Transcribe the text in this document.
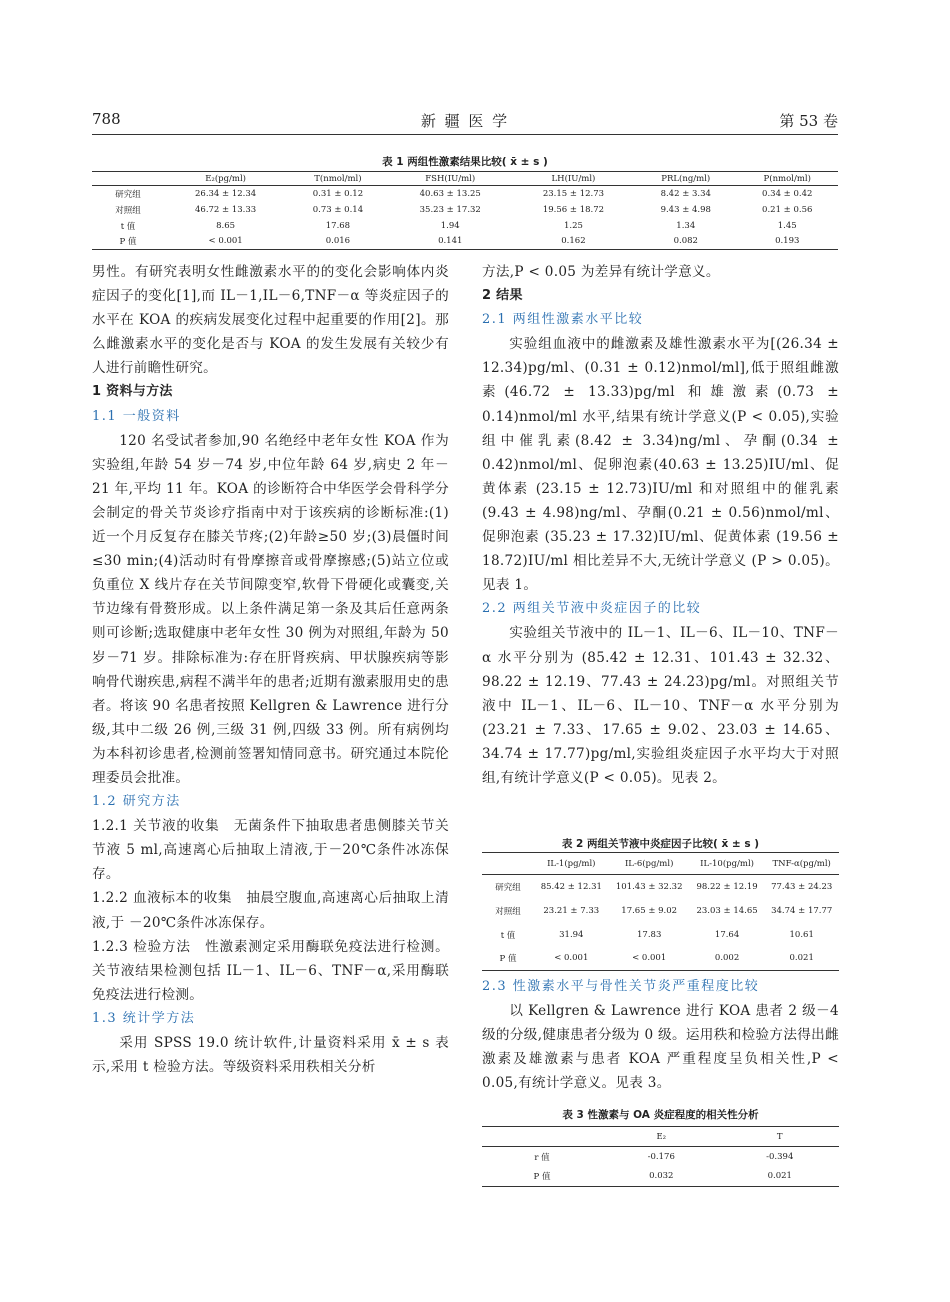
788	新 疆 医 学	第 53 卷
表 1 两组性激素结果比较( x̄ ± s )
	E₂(pg/ml)	T(nmol/ml)	FSH(IU/ml)	LH(IU/ml)	PRL(ng/ml)	P(nmol/ml)
研究组	26.34 ± 12.34	0.31 ± 0.12	40.63 ± 13.25	23.15 ± 12.73	8.42 ± 3.34	0.34 ± 0.42
对照组	46.72 ± 13.33	0.73 ± 0.14	35.23 ± 17.32	19.56 ± 18.72	9.43 ± 4.98	0.21 ± 0.56
t 值	8.65	17.68	1.94	1.25	1.34	1.45
P 值	< 0.001	0.016	0.141	0.162	0.082	0.193

男性。有研究表明女性雌激素水平的的变化会影响体内炎症因子的变化[1],而 IL－1,IL－6,TNF－α 等炎症因子的水平在 KOA 的疾病发展变化过程中起重要的作用[2]。那么雌激素水平的变化是否与 KOA 的发生发展有关较少有人进行前瞻性研究。

1 资料与方法

1.1 一般资料

120 名受试者参加,90 名绝经中老年女性 KOA 作为实验组,年龄 54 岁－74 岁,中位年龄 64 岁,病史 2 年－21 年,平均 11 年。KOA 的诊断符合中华医学会骨科学分会制定的骨关节炎诊疗指南中对于该疾病的诊断标准:(1) 近一个月反复存在膝关节疼;(2)年龄≥50 岁;(3)晨僵时间≤30 min;(4)活动时有骨摩擦音或骨摩擦感;(5)站立位或负重位 X 线片存在关节间隙变窄,软骨下骨硬化或囊变,关节边缘有骨赘形成。以上条件满足第一条及其后任意两条则可诊断;选取健康中老年女性 30 例为对照组,年龄为 50 岁－71 岁。排除标准为:存在肝肾疾病、甲状腺疾病等影响骨代谢疾患,病程不满半年的患者;近期有激素服用史的患者。将该 90 名患者按照 Kellgren & Lawrence 进行分级,其中二级 26 例,三级 31 例,四级 33 例。所有病例均为本科初诊患者,检测前签署知情同意书。研究通过本院伦理委员会批准。

1.2 研究方法

1.2.1 关节液的收集　无菌条件下抽取患者患侧膝关节关节液 5 ml,高速离心后抽取上清液,于－20℃条件冰冻保存。

1.2.2 血液标本的收集　抽晨空腹血,高速离心后抽取上清液,于 －20℃条件冰冻保存。

1.2.3 检验方法　性激素测定采用酶联免疫法进行检测。关节液结果检测包括 IL－1、IL－6、TNF－α,采用酶联免疫法进行检测。

1.3 统计学方法

采用 SPSS 19.0 统计软件,计量资料采用 x̄ ± s 表示,采用 t 检验方法。等级资料采用秩相关分析

方法,P < 0.05 为差异有统计学意义。

2 结果

2.1 两组性激素水平比较

实验组血液中的雌激素及雄性激素水平为[(26.34 ± 12.34)pg/ml、(0.31 ± 0.12)nmol/ml],低于照组雌激素(46.72 ± 13.33)pg/ml 和雄激素(0.73 ± 0.14)nmol/ml 水平,结果有统计学意义(P < 0.05),实验组中催乳素(8.42 ± 3.34)ng/ml、孕酮(0.34 ± 0.42)nmol/ml、促卵泡素(40.63 ± 13.25)IU/ml、促黄体素 (23.15 ± 12.73)IU/ml 和对照组中的催乳素(9.43 ± 4.98)ng/ml、孕酮(0.21 ± 0.56)nmol/ml、促卵泡素 (35.23 ± 17.32)IU/ml、促黄体素 (19.56 ± 18.72)IU/ml 相比差异不大,无统计学意义 (P > 0.05)。见表 1。

2.2 两组关节液中炎症因子的比较

实验组关节液中的 IL－1、IL－6、IL－10、TNF－α 水平分别为 (85.42 ± 12.31、101.43 ± 32.32、98.22 ± 12.19、77.43 ± 24.23)pg/ml。对照组关节液中 IL－1、IL－6、IL－10、TNF－α 水平分别为 (23.21 ± 7.33、17.65 ± 9.02、23.03 ± 14.65、34.74 ± 17.77)pg/ml,实验组炎症因子水平均大于对照组,有统计学意义(P < 0.05)。见表 2。

表 2 两组关节液中炎症因子比较( x̄ ± s )
	IL-1(pg/ml)	IL-6(pg/ml)	IL-10(pg/ml)	TNF-α(pg/ml)
研究组	85.42 ± 12.31	101.43 ± 32.32	98.22 ± 12.19	77.43 ± 24.23
对照组	23.21 ± 7.33	17.65 ± 9.02	23.03 ± 14.65	34.74 ± 17.77
t 值	31.94	17.83	17.64	10.61
P 值	< 0.001	< 0.001	0.002	0.021

2.3 性激素水平与骨性关节炎严重程度比较

以 Kellgren & Lawrence 进行 KOA 患者 2 级－4 级的分级,健康患者分级为 0 级。运用秩和检验方法得出雌激素及雄激素与患者 KOA 严重程度呈负相关性,P < 0.05,有统计学意义。见表 3。

表 3 性激素与 OA 炎症程度的相关性分析
	E₂	T
r 值	-0.176	-0.394
P 值	0.032	0.021
